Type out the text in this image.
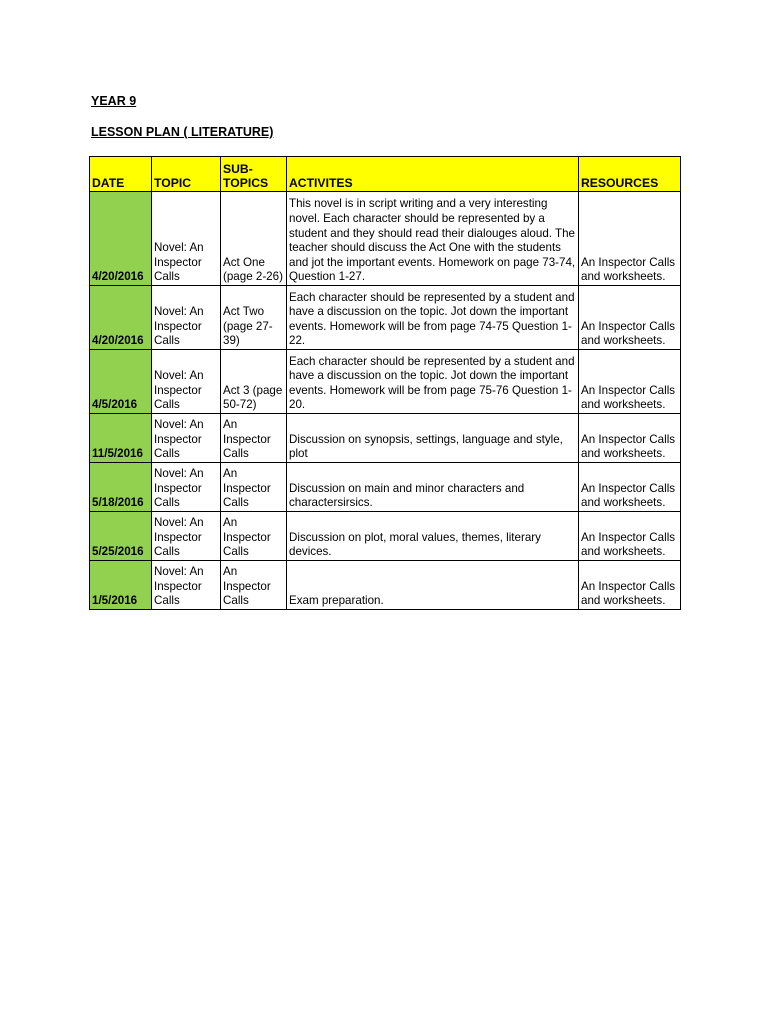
YEAR 9
LESSON PLAN ( LITERATURE)
DATE	TOPIC	SUB-TOPICS	ACTIVITES	RESOURCES
4/20/2016	Novel: An Inspector Calls	Act One (page 2-26)	This novel is in script writing and a very interesting novel. Each character should be represented by a student and they should read their dialouges aloud. The teacher should discuss the Act One with the students and jot the important events. Homework on page 73-74, Question 1-27.	An Inspector Calls and worksheets.
4/20/2016	Novel: An Inspector Calls	Act Two (page 27-39)	Each character should be represented by a student and have a discussion on the topic. Jot down the important events. Homework will be from page 74-75 Question 1-22.	An Inspector Calls and worksheets.
4/5/2016	Novel: An Inspector Calls	Act 3 (page 50-72)	Each character should be represented by a student and have a discussion on the topic. Jot down the important events. Homework will be from page 75-76 Question 1-20.	An Inspector Calls and worksheets.
11/5/2016	Novel: An Inspector Calls	An Inspector Calls	Discussion on synopsis, settings, language and style, plot	An Inspector Calls and worksheets.
5/18/2016	Novel: An Inspector Calls	An Inspector Calls	Discussion on main and minor characters and charactersirsics.	An Inspector Calls and worksheets.
5/25/2016	Novel: An Inspector Calls	An Inspector Calls	Discussion on plot, moral values, themes, literary devices.	An Inspector Calls and worksheets.
1/5/2016	Novel: An Inspector Calls	An Inspector Calls	Exam preparation.	An Inspector Calls and worksheets.
